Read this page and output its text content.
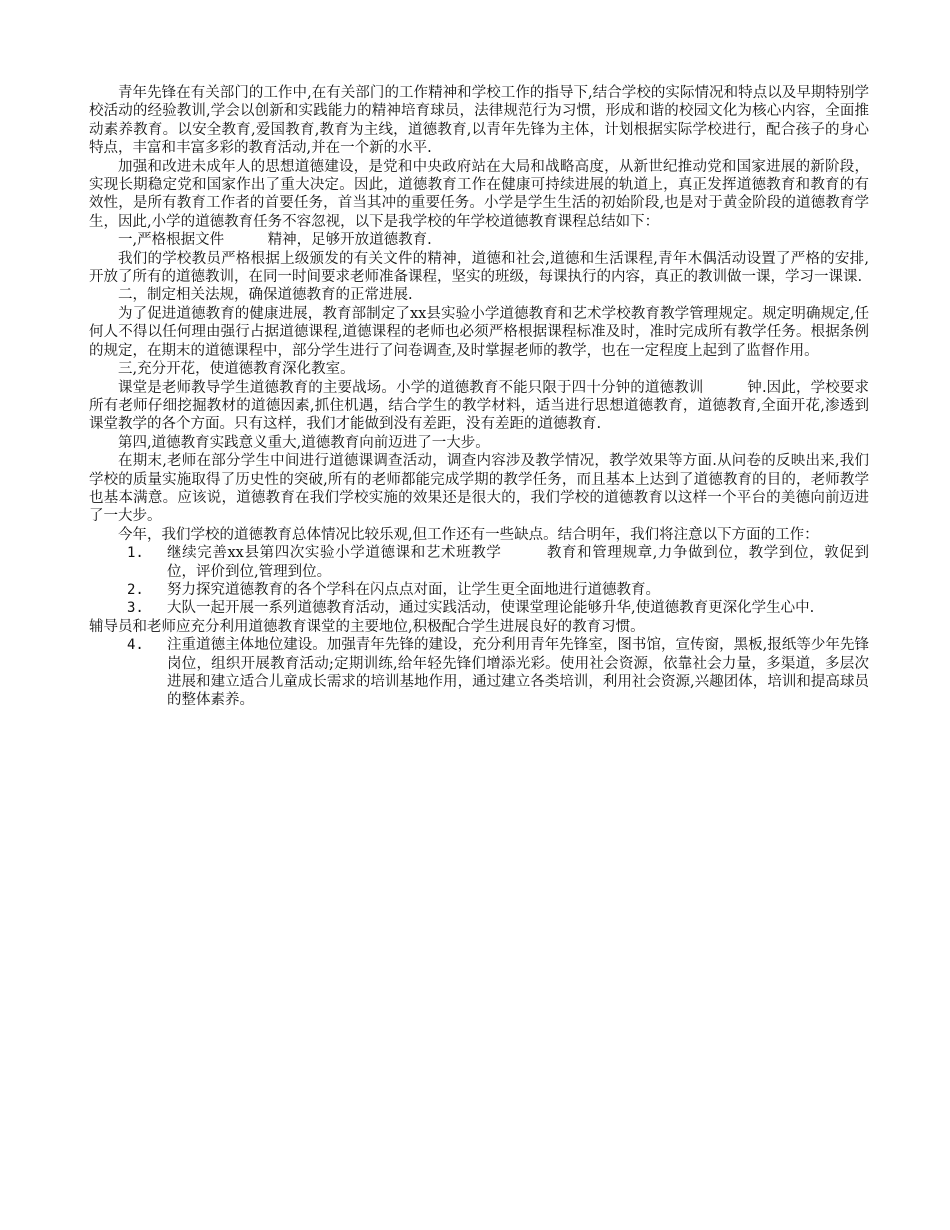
青年先锋在有关部门的工作中,在有关部门的工作精神和学校工作的指导下,结合学校的实际情况和特点以及早期特别学校活动的经验教训,学会以创新和实践能力的精神培育球员，法律规范行为习惯，形成和谐的校园文化为核心内容，全面推动素养教育。以安全教育,爱国教育,教育为主线，道德教育,以青年先锋为主体，计划根据实际学校进行，配合孩子的身心特点，丰富和丰富多彩的教育活动,并在一个新的水平.

加强和改进未成年人的思想道德建设，是党和中央政府站在大局和战略高度，从新世纪推动党和国家进展的新阶段，实现长期稳定党和国家作出了重大决定。因此，道德教育工作在健康可持续进展的轨道上，真正发挥道德教育和教育的有效性，是所有教育工作者的首要任务，首当其冲的重要任务。小学是学生生活的初始阶段,也是对于黄金阶段的道德教育学生，因此,小学的道德教育任务不容忽视，以下是我学校的年学校道德教育课程总结如下：

一,严格根据文件　　　精神，足够开放道德教育.

我们的学校教员严格根据上级颁发的有关文件的精神，道德和社会,道德和生活课程,青年木偶活动设置了严格的安排,开放了所有的道德教训，在同一时间要求老师准备课程，坚实的班级，每课执行的内容，真正的教训做一课，学习一课课.

二，制定相关法规，确保道德教育的正常进展.

为了促进道德教育的健康进展，教育部制定了xx县实验小学道德教育和艺术学校教育教学管理规定。规定明确规定,任何人不得以任何理由强行占据道德课程,道德课程的老师也必须严格根据课程标准及时，准时完成所有教学任务。根据条例的规定，在期末的道德课程中，部分学生进行了问卷调查,及时掌握老师的教学，也在一定程度上起到了监督作用。

三,充分开花，使道德教育深化教室。

课堂是老师教导学生道德教育的主要战场。小学的道德教育不能只限于四十分钟的道德教训　　　钟.因此，学校要求所有老师仔细挖掘教材的道德因素,抓住机遇，结合学生的教学材料，适当进行思想道德教育，道德教育,全面开花,渗透到课堂教学的各个方面。只有这样，我们才能做到没有差距，没有差距的道德教育.

第四,道德教育实践意义重大,道德教育向前迈进了一大步。

在期末,老师在部分学生中间进行道德课调查活动，调查内容涉及教学情况，教学效果等方面.从问卷的反映出来,我们学校的质量实施取得了历史性的突破,所有的老师都能完成学期的教学任务，而且基本上达到了道德教育的目的，老师教学也基本满意。应该说，道德教育在我们学校实施的效果还是很大的，我们学校的道德教育以这样一个平台的美德向前迈进了一大步。

今年，我们学校的道德教育总体情况比较乐观,但工作还有一些缺点。结合明年，我们将注意以下方面的工作：

1. 继续完善xx县第四次实验小学道德课和艺术班教学　　　教育和管理规章,力争做到位，教学到位，敦促到位，评价到位,管理到位。
2. 努力探究道德教育的各个学科在闪点点对面，让学生更全面地进行道德教育。
3. 大队一起开展一系列道德教育活动，通过实践活动，使课堂理论能够升华,使道德教育更深化学生心中.

辅导员和老师应充分利用道德教育课堂的主要地位,积极配合学生进展良好的教育习惯。

4. 注重道德主体地位建设。加强青年先锋的建设，充分利用青年先锋室，图书馆，宣传窗，黑板,报纸等少年先锋岗位，组织开展教育活动;定期训练,给年轻先锋们增添光彩。使用社会资源，依靠社会力量，多渠道，多层次进展和建立适合儿童成长需求的培训基地作用，通过建立各类培训，利用社会资源,兴趣团体，培训和提高球员的整体素养。
